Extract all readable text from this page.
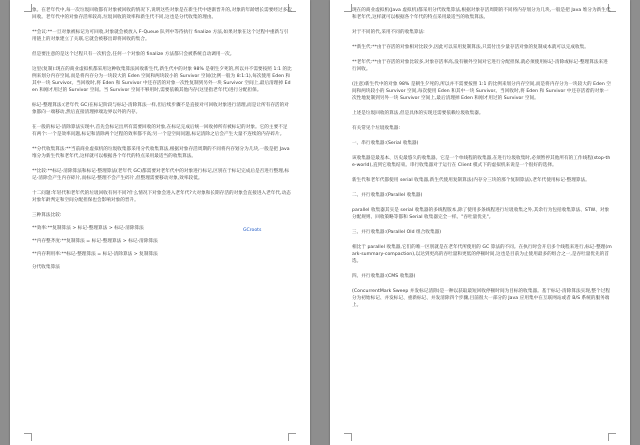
象。在老年代中,每一次垃圾回收都有对象被回收的情况下,说明这些对象是在新生代中逐渐晋升的,对象的年龄增长需要经过多次回收。老年代中的对象存活率较高,垃圾回收的效率和新生代不同,这也是分代收集的理由。

**会议:**一旦对象被标记为可回收,对象就会被放入 F-Queue 队列中等待执行 finalize 方法,如果对象在这个过程中重新与引用链上的对象建立了关联,它就会被移出即将回收的集合。

但是要注意的是这个过程只有一次机会,任何一个对象的 finalize 方法都只会被系统自动调用一次。

这里(复制):现在的商业虚拟机都采用这种收集算法回收新生代,新生代中的对象 98% 是朝生夕死的,所以并不需要按照 1:1 的比例来划分内存空间,而是将内存分为一块较大的 Eden 空间和两块较小的 Survivor 空间(比例一般为 8:1:1),每次使用 Eden 和其中一块 Survivor。当回收时,将 Eden 和 Survivor 中还存活的对象一次性复制到另外一块 Survivor 空间上,最后清理掉 Eden 和刚才用过的 Survivor 空间。当 Survivor 空间不够用时,需要依赖其他内存(这里指老年代)进行分配担保。

标记-整理算法:(老年代 GC)在标记阶段与标记-清除算法一样,但后续步骤不是直接对可回收对象进行清理,而是让所有存活的对象都向一端移动,然后直接清理掉端边界以外的内存。

在一般的标记-清除算法实现中,首先会标记出所有需要回收的对象,在标记完成后统一回收掉所有被标记的对象。它的主要不足有两个:一个是效率问题,标记和清除两个过程的效率都不高;另一个是空间问题,标记清除之后会产生大量不连续的内存碎片。

**分代收集算法:**当前商业虚拟机的垃圾收集都采用分代收集算法,根据对象存活周期的不同将内存划分为几块,一般是把 Java 堆分为新生代和老年代,这样就可以根据各个年代的特点采用最适当的收集算法。

**比较:**标记-清除算法和标记-整理算法(老年代 GC)都需要对老年代中的对象进行标记,区别在于标记完成后是否进行整理,标记-清除会产生内存碎片,而标记-整理不会产生碎片,但整理需要移动对象,效率较低。

十二问题:年轻代和老年代的垃圾回收有何不同?什么情况下对象会进入老年代?大对象和长期存活的对象会直接进入老年代,动态对象年龄判定和空间分配担保也会影响对象的晋升。

三种算法比较:

**效率:**复制算法 > 标记-整理算法 > 标记-清除算法

**内存整齐度:**复制算法 = 标记-整理算法 > 标记-清除算法

**内存利用率:**标记-整理算法 = 标记-清除算法 > 复制算法

分代收集算法

现在的商业虚拟机(Java 虚拟机)都采用分代收集算法,根据对象存活周期的不同将内存划分为几块,一般是把 Java 堆分为新生代和老年代,这样就可以根据各个年代的特点采用最适当的收集算法。

对于不同的代,采用不同的收集算法:

**新生代:**由于存活的对象相对比较少,因此可以采用复制算法,只需付出少量存活对象的复制成本就可以完成收集。

**老年代:**由于存活的对象比较多,对象存活率高,没有额外空间对它进行分配担保,就必须使用标记-清除或标记-整理算法来进行回收。

(注意)新生代中的对象 98% 是朝生夕死的,所以并不需要按照 1:1 的比例来划分内存空间,而是将内存分为一块较大的 Eden 空间和两块较小的 Survivor 空间,每次使用 Eden 和其中一块 Survivor。当回收时,将 Eden 和 Survivor 中还存活着的对象一次性地复制到另外一块 Survivor 空间上,最后清理掉 Eden 和刚才用过的 Survivor 空间。

上述是垃圾回收的算法,但是具体的实现还需要依赖垃圾收集器。

有关常见个垃圾收集器:

一、串行收集器:(Serial 收集器)

该收集器是最基本、历史最悠久的收集器。它是一个单线程的收集器,在进行垃圾收集时,必须暂停其他所有的工作线程(stop-the-world),直到它收集结束。串行收集器对于运行在 Client 模式下的虚拟机来说是一个很好的选择。

新生代和老年代都使用 serial 收集器,新生代使用复制算法(内存分三块的那个复制算法),老年代使用标记-整理算法。

二、并行收集器:(Parallel 收集器)

parallel 收集器其实是 serial 收集器的多线程版本,除了使用多条线程进行垃圾收集之外,其余行为包括收集算法、STW、对象分配规则、回收策略等都和 Serial 收集器完全一样。"吞吐量优先"。

三、并行收集器:(Parallel Old 组合收集器)

相比于 parallel 收集器,它们的唯一区别就是在老年代所使用的 GC 算法的不同。在执行时会开启多个线程来进行,标记-整理(mark-summary-compaction),以达到更高的吞吐量和更低的停顿时间,这也是目前为止使用最多的组合之一,是吞吐量优先的首选。

四、并行收集器:(CMS 收集器)

(ConcurrentMark Sweep 并发标记清除)是一种以获取最短回收停顿时间为目标的收集器。基于标记-清除算法实现,整个过程分为初始标记、并发标记、重新标记、并发清除四个步骤,目前很大一部分的 Java 应用集中在互联网站或者 B/S 系统的服务端上。

GCroots
